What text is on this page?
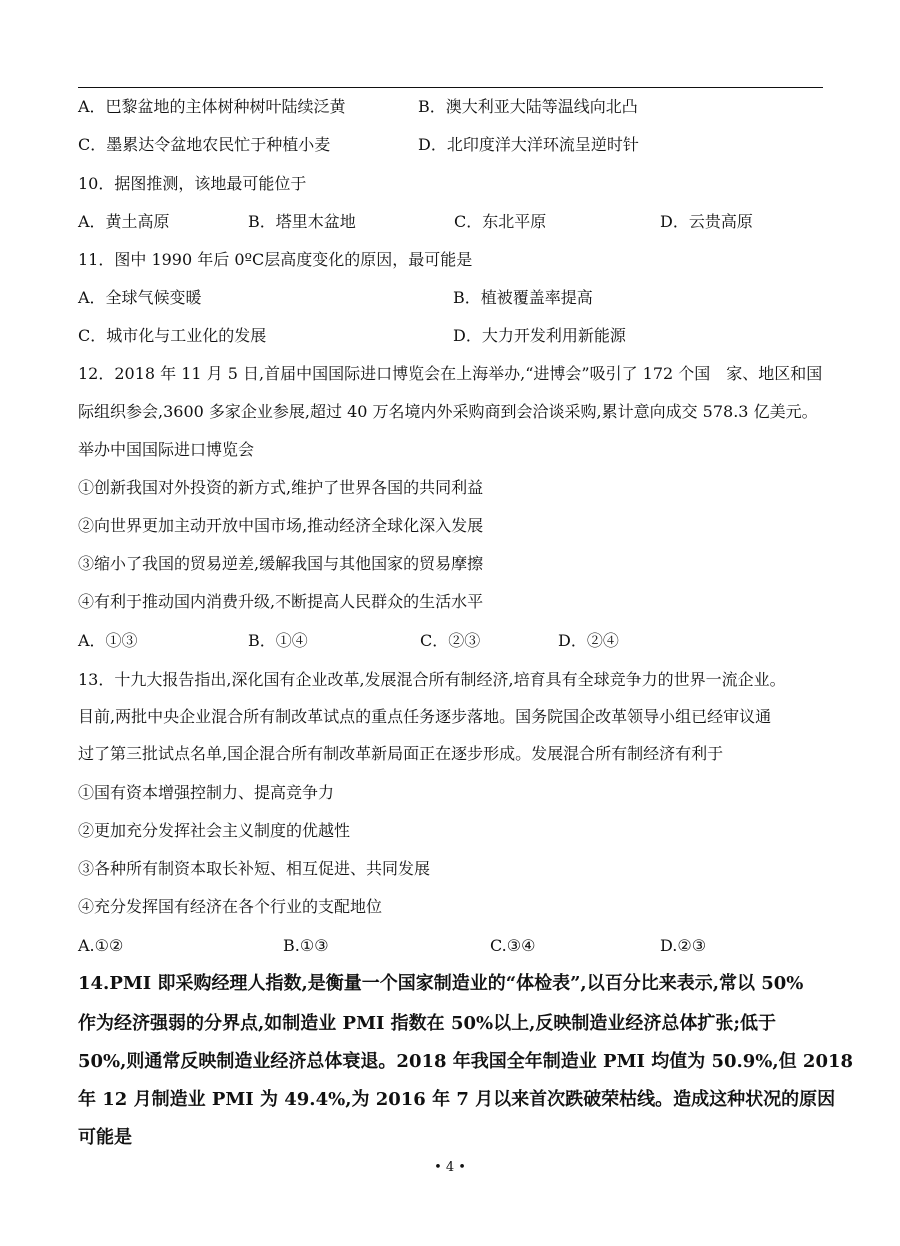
A．巴黎盆地的主体树种树叶陆续泛黄	B．澳大利亚大陆等温线向北凸
C．墨累达令盆地农民忙于种植小麦	D．北印度洋大洋环流呈逆时针
10．据图推测，该地最可能位于
A．黄土高原	B．塔里木盆地	C．东北平原	D．云贵高原
11．图中 1990 年后 0ºC层高度变化的原因，最可能是
A．全球气候变暖	B．植被覆盖率提高
C．城市化与工业化的发展	D．大力开发利用新能源
12．2018 年 11 月 5 日,首届中国国际进口博览会在上海举办,“进博会”吸引了 172 个国　家、地区和国
际组织参会,3600 多家企业参展,超过 40 万名境内外采购商到会洽谈采购,累计意向成交 578.3 亿美元。
举办中国国际进口博览会
①创新我国对外投资的新方式,维护了世界各国的共同利益
②向世界更加主动开放中国市场,推动经济全球化深入发展
③缩小了我国的贸易逆差,缓解我国与其他国家的贸易摩擦
④有利于推动国内消费升级,不断提高人民群众的生活水平
A．①③	B．①④	C．②③	D．②④
13．十九大报告指出,深化国有企业改革,发展混合所有制经济,培育具有全球竞争力的世界一流企业。
目前,两批中央企业混合所有制改革试点的重点任务逐步落地。国务院国企改革领导小组已经审议通
过了第三批试点名单,国企混合所有制改革新局面正在逐步形成。发展混合所有制经济有利于
①国有资本增强控制力、提高竞争力
②更加充分发挥社会主义制度的优越性
③各种所有制资本取长补短、相互促进、共同发展
④充分发挥国有经济在各个行业的支配地位
A.①②	B.①③	C.③④	D.②③
14.PMI 即采购经理人指数,是衡量一个国家制造业的“体检表”,以百分比来表示,常以 50%
作为经济强弱的分界点,如制造业 PMI 指数在 50%以上,反映制造业经济总体扩张;低于
50%,则通常反映制造业经济总体衰退。2018 年我国全年制造业 PMI 均值为 50.9%,但 2018
年 12 月制造业 PMI 为 49.4%,为 2016 年 7 月以来首次跌破荣枯线。造成这种状况的原因
可能是
• 4 •
